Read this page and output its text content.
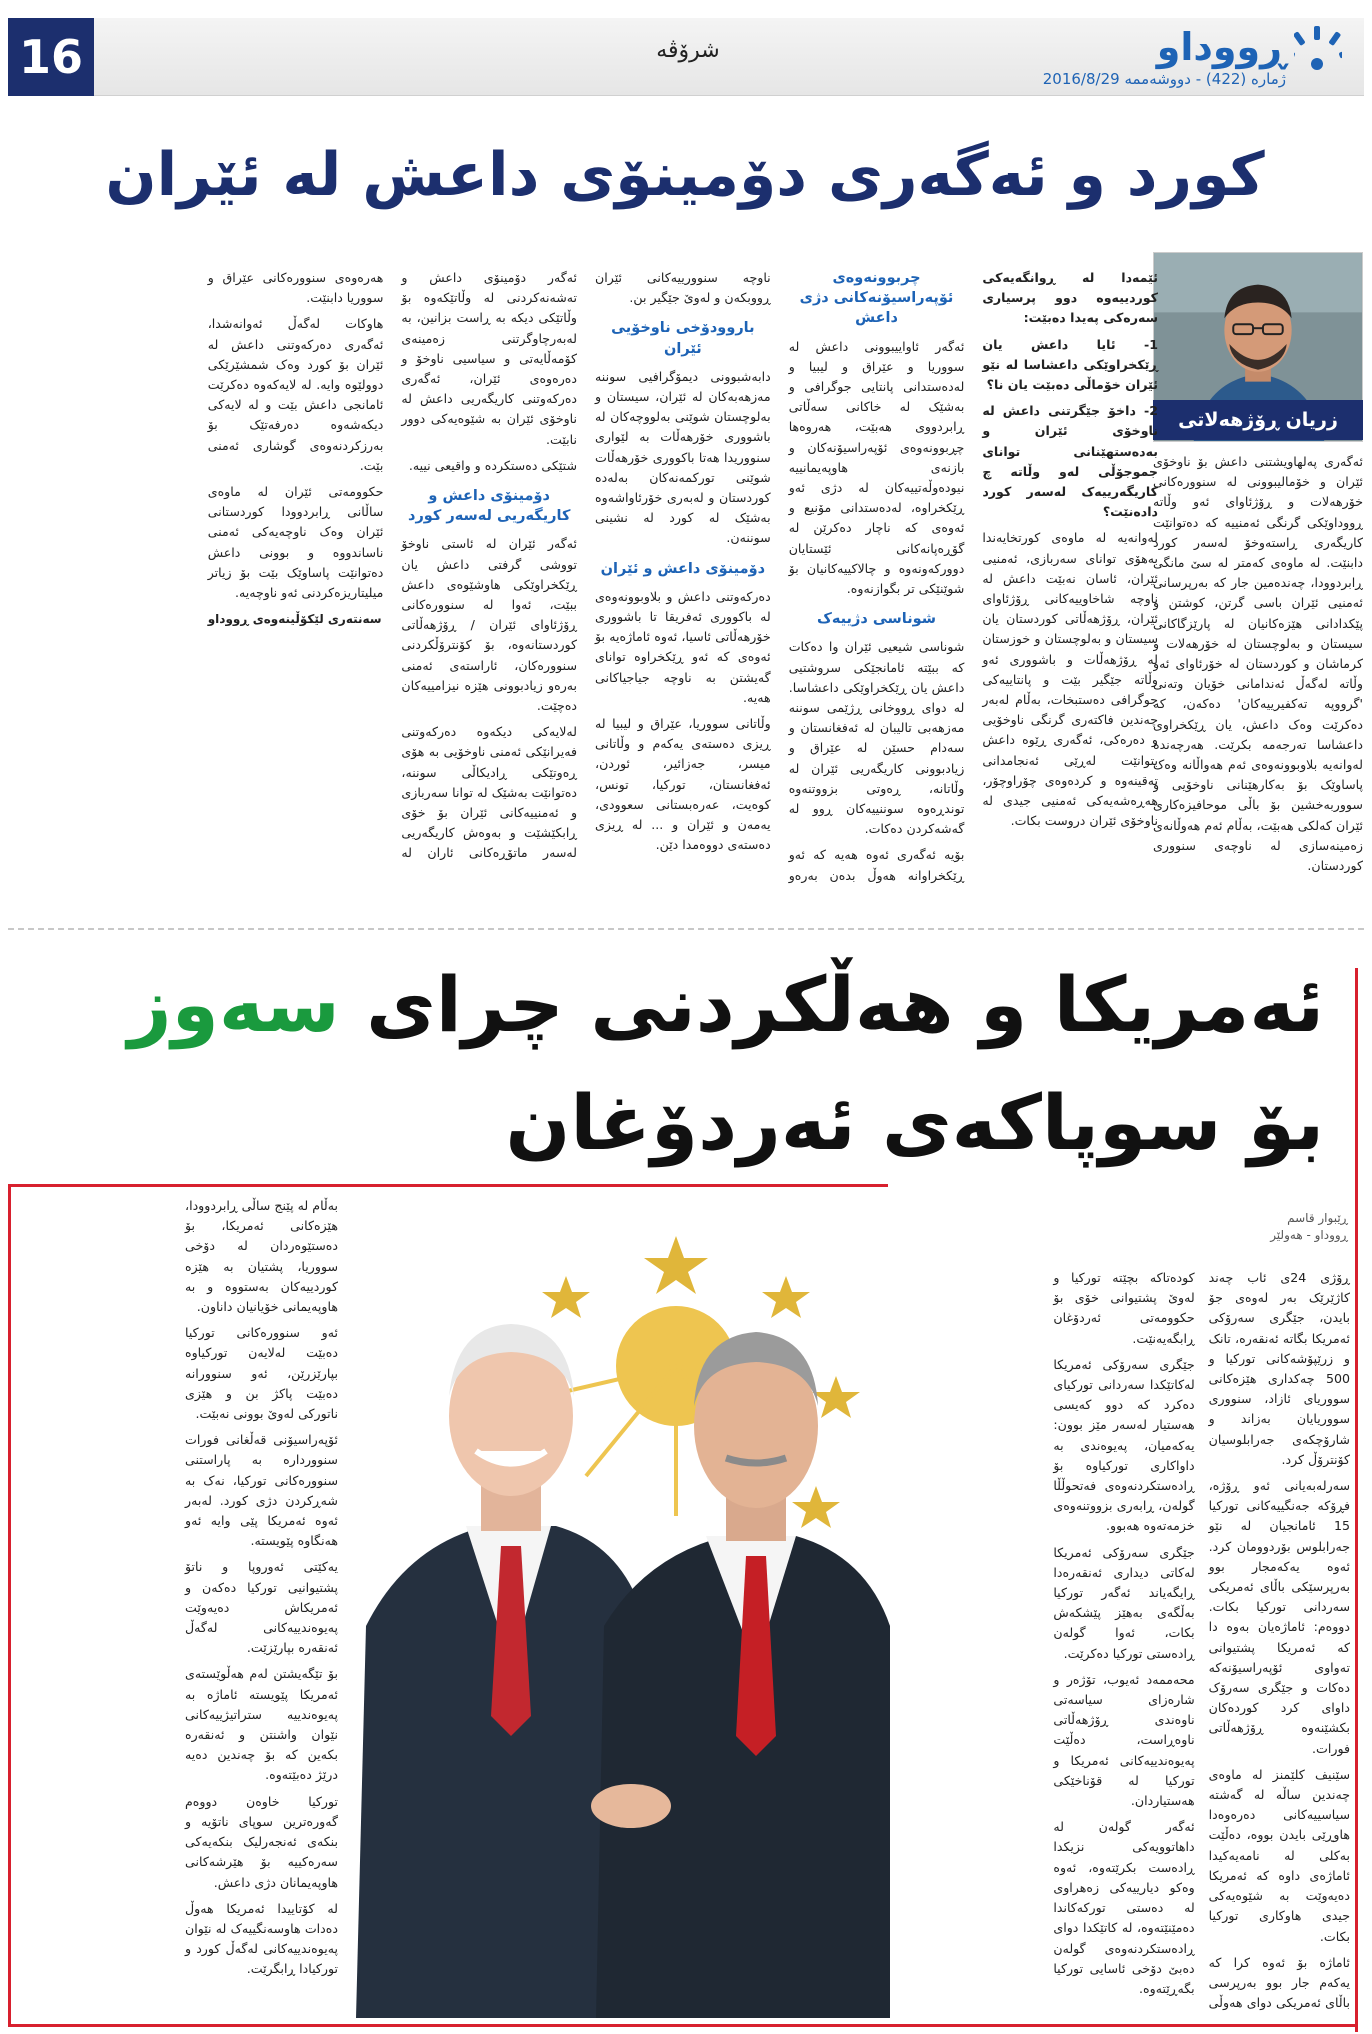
16	شرۆڤە	ڕووداو
ژمارە (422) - دووشەممە 2016/8/29
کورد و ئەگەری دۆمینۆی داعش لە ئێران
زریان ڕۆژهەلاتی

ئەگەری پەلهاویشتنی داعش بۆ ناوخۆی ئێران و خۆمالیبوونی لە سنوورەکانی خۆرهەلات و ڕۆژئاوای ئەو وڵاتە ڕووداوێکی گرنگی ئەمنییە کە دەتوانێت کاریگەری ڕاستەوخۆ لەسەر کورد دابنێت. لە ماوەی کەمتر لە سێ مانگی ڕابردوودا، چەندەمین جار کە بەرپرسانی ئەمنیی ئێران باسی گرتن، کوشتن و پێکدادانی هێزەکانیان لە پارێزگاکانی سیستان و بەلوچستان لە خۆرهەلات و کرماشان و کوردستان لە خۆرئاوای ئەو وڵاتە لەگەڵ ئەندامانی خۆیان وتەنی 'گرووپە تەکفیرییەکان' دەکەن، کە دەکرێت وەک داعش، یان ڕێکخراوی داعشاسا تەرجەمە بکرێت. هەرچەندە لەوانەیە بلاوبوونەوەی ئەم هەواڵانە وەک پاساوێک بۆ بەکارهێنانی ناوخۆیی و سووربەخشین بۆ باڵی موحافیزەکاری ئێران کەلکی هەبێت، بەڵام ئەم هەوڵانەی زەمینەسازی لە ناوچەی سنووری کوردستان.

ئێمەدا لە ڕوانگەیەکی کوردییەوە دوو پرسیاری سەرەکی پەیدا دەبێت:

1- ئایا داعش یان ڕێکخراوێکی داعشاسا لە نێو ئێران خۆماڵی دەبێت یان نا؟

2- داخۆ جێگرتنی داعش لە ناوخۆی ئێران و بەدەستهێنانی توانای جموجۆڵی لەو وڵاتە چ کاریگەرییەک لەسەر کورد دادەنێت؟

لەوانەیە لە ماوەی کورتخایەندا بەهۆی توانای سەربازی، ئەمنیی ئێران، ئاسان نەبێت داعش لە ناوچە شاخاوییەکانی ڕۆژئاوای ئێران، ڕۆژهەڵاتی کوردستان یان سیستان و بەلوچستان و خوزستان لە ڕۆژهەڵات و باشووری ئەو وڵاتە جێگیر بێت و پانتاییەکی جوگرافی دەستبخات، بەڵام لەبەر چەندین فاکتەری گرنگی ناوخۆیی و دەرەکی، ئەگەری ڕێوە داعش بتوانێت لەڕێی ئەنجامدانی تەقینەوە و کردەوەی چۆراوچۆر، هەڕەشەیەکی ئەمنیی جیدی لە ناوخۆی ئێران دروست بکات.

چربوونەوەی ئۆپەراسیۆنەکانی دژی داعش

ئەگەر ئاواییبوونی داعش لە سووریا و عێراق و لیبیا و لەدەستدانی پانتایی جوگرافی و بەشێک لە خاکانی سەڵاتی ڕابردووی هەبێت، هەروەها چڕبوونەوەی ئۆپەراسیۆنەکان و بازنەی هاوپەیمانییە نیودەوڵەتییەکان لە دژی ئەو ڕێکخراوە، لەدەستدانی مۆنیع و ئەوەی کە ناچار دەکرێن لە گۆڕەپانەکانی ئێستایان دوورکەونەوە و چالاکییەکانیان بۆ شوێنێکی تر بگوازنەوە.

شوناسی دژییەک

شوناسی شیعیی ئێران وا دەکات کە ببێتە ئامانجێکی سروشتیی داعش یان ڕێکخراوێکی داعشاسا. لە دوای ڕووخانی ڕژێمی سوننە مەزهەبی تالیبان لە ئەفغانستان و سەدام حسێن لە عێراق و زیادبوونی کاریگەریی ئێران لە وڵاتانە، ڕەوتی بزووتنەوە توندڕەوە سوننییەکان ڕوو لە گەشەکردن دەکات.

بۆیە ئەگەری ئەوە هەیە کە ئەو ڕێکخراوانە هەوڵ بدەن بەرەو ناوچە سنوورییەکانی ئێران ڕووبکەن و لەوێ جێگیر بن.

باروودۆخی ناوخۆیی ئێران

دابەشبوونی دیمۆگرافیی سوننە مەزهەبەکان لە ئێران، سیستان و بەلوچستان شوێنی بەلووچەکان لە باشووری خۆرهەڵات بە لێواری سنووریدا هەتا باکووری خۆرهەڵات شوێنی تورکمەنەکان بەلەدە کوردستان و لەبەری خۆرئاواشەوە بەشێک لە کورد لە نشینی سوننەن.

دۆمینۆی داعش و ئێران

دەرکەوتنی داعش و بلاوبوونەوەی لە باکووری ئەفریقا تا باشووری خۆرهەڵاتی ئاسیا، ئەوە ئاماژەیە بۆ ئەوەی کە ئەو ڕێکخراوە توانای گەیشتن بە ناوچە جیاجیاکانی هەیە.

وڵاتانی سووریا، عێراق و لیبیا لە ڕیزی دەستەی یەکەم و وڵاتانی میسر، جەزائیر، ئوردن، ئەفغانستان، تورکیا، تونس، کوەیت، عەرەبستانی سعوودی، یەمەن و ئێران و ... لە ڕیزی دەستەی دووەمدا دێن.

ئەگەر دۆمینۆی داعش و تەشەنەکردنی لە وڵاتێکەوە بۆ وڵاتێکی دیکە بە ڕاست بزانین، بە لەبەرچاوگرتنی زەمینەی کۆمەڵایەتی و سیاسیی ناوخۆ و دەرەوەی ئێران، ئەگەری دەرکەوتنی کاریگەریی داعش لە ناوخۆی ئێران بە شێوەیەکی دوور نابێت.

شتێکی دەستکردە و واقیعی نییە.

دۆمینۆی داعش و کاریگەریی لەسەر کورد

ئەگەر ئێران لە ئاستی ناوخۆ تووشی گرفتی داعش یان ڕێکخراوێکی هاوشێوەی داعش ببێت، ئەوا لە سنوورەکانی ڕۆژئاوای ئێران / ڕۆژهەڵاتی کوردستانەوە، بۆ کۆنترۆڵکردنی سنوورەکان، ئاراستەی ئەمنی بەرەو زیادبوونی هێزە نیزامییەکان دەچێت.

لەلایەکی دیکەوە دەرکەوتنی فەیرانێکی ئەمنی ناوخۆیی بە هۆی ڕەوتێکی ڕادیکاڵی سوننە، دەتوانێت بەشێک لە توانا سەربازی و ئەمنییەکانی ئێران بۆ خۆی ڕابکێشێت و بەوەش کاریگەریی لەسەر ماتۆڕەکانی ئاران لە هەرەوەی سنوورەکانی عێراق و سووریا دابنێت.

هاوکات لەگەڵ ئەوانەشدا، ئەگەری دەرکەوتنی داعش لە ئێران بۆ کورد وەک شمشێرێکی دوولێوە وایە. لە لایەکەوە دەکرێت ئامانجی داعش بێت و لە لایەکی دیکەشەوە دەرفەتێک بۆ بەرزکردنەوەی گوشاری ئەمنی بێت.

حکوومەتی ئێران لە ماوەی ساڵانی ڕابردوودا کوردستانی ئێران وەک ناوچەیەکی ئەمنی ناساندووە و بوونی داعش دەتوانێت پاساوێک بێت بۆ زیاتر میلیتاریزەکردنی ئەو ناوچەیە.

سەنتەری لێکۆڵینەوەی ڕووداو
ئەمریکا و هەڵکردنی چرای سەوز
بۆ سوپاکەی ئەردۆغان
ڕێبوار قاسم
ڕووداو - هەولێر

ڕۆژی 24ی ئاب چەند کاژێرێک بەر لەوەی جۆ بایدن، جێگری سەرۆکی ئەمریکا بگاتە ئەنقەرە، تانک و زرێپۆشەکانی تورکیا و 500 چەکداری هێزەکانی سووریای ئازاد، سنووری سووریایان بەزاند و شارۆچکەی جەرابلوسیان کۆنترۆڵ کرد.

سەرلەبەیانی ئەو ڕۆژە، فڕۆکە جەنگییەکانی تورکیا 15 ئامانجیان لە نێو جەرابلوس بۆردوومان کرد. ئەوە یەکەمجار بوو بەرپرسێکی باڵای ئەمریکی سەردانی تورکیا بکات. دووەم: ئاماژەیان بەوە دا کە ئەمریکا پشتیوانی تەواوی ئۆپەراسیۆنەکە دەکات و جێگری سەرۆک داوای کرد کوردەکان بکشێنەوە ڕۆژهەڵاتی فورات.

سێنیف کلێمنز لە ماوەی چەندین ساڵە لە گەشتە سیاسییەکانی دەرەوەدا هاوڕێی بایدن بووە، دەڵێت بەکلی لە نامەیەکیدا ئاماژەی داوە کە ئەمریکا دەیەوێت بە شێوەیەکی جیدی هاوکاری تورکیا بکات.

ئاماژە بۆ ئەوە کرا کە یەکەم جار بوو بەرپرسی باڵای ئەمریکی دوای هەوڵی کودەتاکە بچێتە تورکیا و لەوێ پشتیوانی خۆی بۆ حکوومەتی ئەردۆغان ڕابگەیەنێت.

جێگری سەرۆکی ئەمریکا لەکاتێکدا سەردانی تورکیای دەکرد کە دوو کەیسی هەستیار لەسەر مێز بوون: یەکەمیان، پەیوەندی بە داواکاری تورکیاوە بۆ ڕادەستکردنەوەی فەتحوڵڵا گولەن، ڕابەری بزووتنەوەی خزمەتەوە هەبوو.

جێگری سەرۆکی ئەمریکا لەکاتی دیداری ئەنقەرەدا ڕایگەیاند ئەگەر تورکیا بەڵگەی بەهێز پێشکەش بکات، ئەوا گولەن ڕادەستی تورکیا دەکرێت.

محەممەد ئەیوب، تۆژەر و شارەزای سیاسەتی ناوەندی ڕۆژهەڵاتی ناوەڕاست، دەڵێت پەیوەندییەکانی ئەمریکا و تورکیا لە قۆناخێکی هەستیاردان.

ئەگەر گولەن لە داهاتوویەکی نزیکدا ڕادەست بکرێتەوە، ئەوە وەکو دیارییەکی زەهراوی لە دەستی تورکەکاندا دەمێنێتەوە، لە کاتێکدا دوای ڕادەستکردنەوەی گولەن دەبێ دۆخی ئاسایی تورکیا بگەڕێتەوە.

بەڵام لە پێنج ساڵی ڕابردوودا، هێزەکانی ئەمریکا، بۆ دەستێوەردان لە دۆخی سووریا، پشتیان بە هێزە کوردییەکان بەستووە و بە هاوپەیمانی خۆیانیان داناون.

ئەو سنوورەکانی تورکیا دەبێت لەلایەن تورکیاوە بپارێزرێن، ئەو سنوورانە دەبێت پاکژ بن و هێزی ناتورکی لەوێ بوونی نەبێت.

ئۆپەراسیۆنی قەڵغانی فورات سنووردارە بە پاراستنی سنوورەکانی تورکیا، نەک بە شەڕکردن دژی کورد. لەبەر ئەوە ئەمریکا پێی وایە ئەو هەنگاوە پێویستە.

یەکێتی ئەوروپا و ناتۆ پشتیوانیی تورکیا دەکەن و ئەمریکاش دەیەوێت پەیوەندییەکانی لەگەڵ ئەنقەرە بپارێزێت.

بۆ تێگەیشتن لەم هەڵوێستەی ئەمریکا پێویستە ئاماژە بە پەیوەندییە ستراتیژییەکانی نێوان واشنتن و ئەنقەرە بکەین کە بۆ چەندین دەیە درێژ دەبێتەوە.

تورکیا خاوەن دووەم گەورەترین سوپای ناتۆیە و بنکەی ئەنجەرلیک بنکەیەکی سەرەکییە بۆ هێرشەکانی هاوپەیمانان دژی داعش.

لە کۆتاییدا ئەمریکا هەوڵ دەدات هاوسەنگییەک لە نێوان پەیوەندییەکانی لەگەڵ کورد و تورکیادا ڕابگرێت.
